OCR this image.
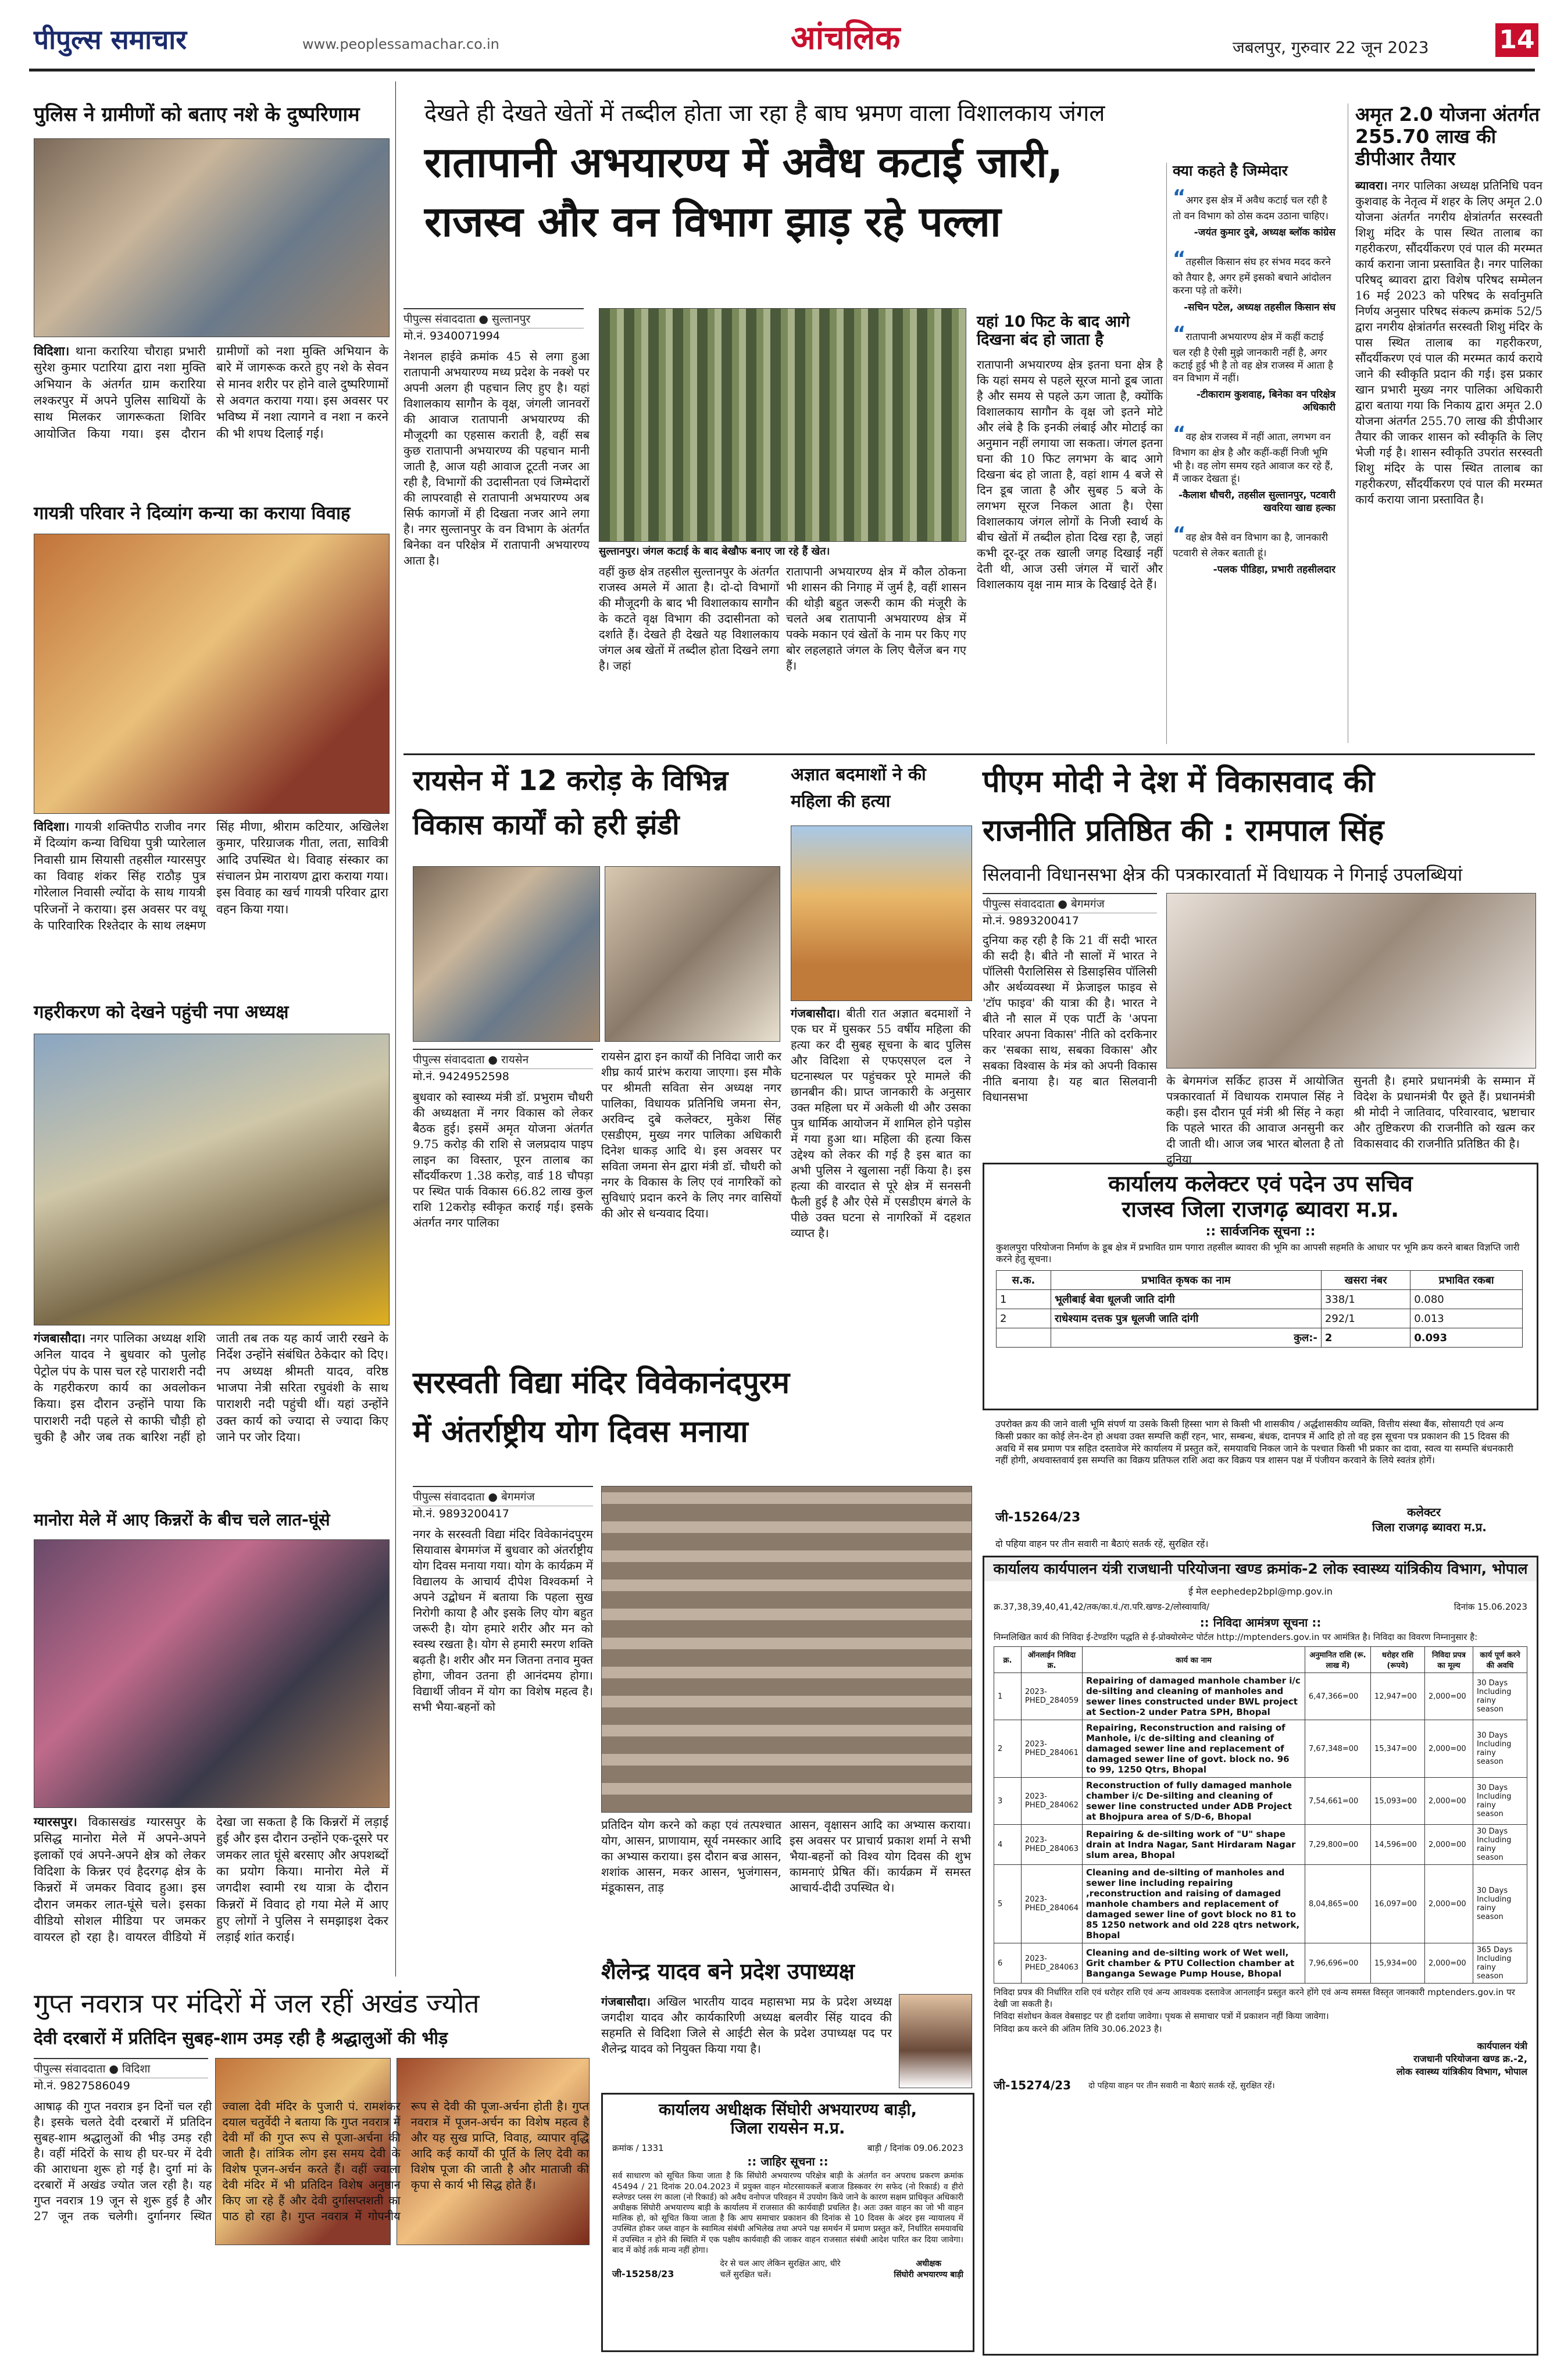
पीपुल्स समाचार	www.peoplessamachar.co.in	आंचलिक	जबलपुर, गुरुवार 22 जून 2023	14
पुलिस ने ग्रामीणों को बताए नशे के दुष्परिणाम
विदिशा। थाना करारिया चौराहा प्रभारी सुरेश कुमार पटारिया द्वारा नशा मुक्ति अभियान के अंतर्गत ग्राम करारिया लश्करपुर में अपने पुलिस साथियों के साथ मिलकर जागरूकता शिविर आयोजित किया गया। इस दौरान ग्रामीणों को नशा मुक्ति अभियान के बारे में जागरूक करते हुए नशे के सेवन से मानव शरीर पर होने वाले दुष्परिणामों से अवगत कराया गया। इस अवसर पर भविष्य में नशा त्यागने व नशा न करने की भी शपथ दिलाई गई।
गायत्री परिवार ने दिव्यांग कन्या का कराया विवाह
विदिशा। गायत्री शक्तिपीठ राजीव नगर में दिव्यांग कन्या विधिया पुत्री प्यारेलाल निवासी ग्राम सियासी तहसील ग्यारसपुर का विवाह शंकर सिंह राठौड़ पुत्र गोरेलाल निवासी ल्योंदा के साथ गायत्री परिजनों ने कराया। इस अवसर पर वधू के पारिवारिक रिश्तेदार के साथ लक्ष्मण सिंह मीणा, श्रीराम कटियार, अखिलेश कुमार, परिग्राजक गीता, लता, सावित्री आदि उपस्थित थे। विवाह संस्कार का संचालन प्रेम नारायण द्वारा कराया गया। इस विवाह का खर्च गायत्री परिवार द्वारा वहन किया गया।
गहरीकरण को देखने पहुंची नपा अध्यक्ष
गंजबासौदा। नगर पालिका अध्यक्ष शशि अनिल यादव ने बुधवार को पुलोह पेट्रोल पंप के पास चल रहे पाराशरी नदी के गहरीकरण कार्य का अवलोकन किया। इस दौरान उन्होंने पाया कि पाराशरी नदी पहले से काफी चौड़ी हो चुकी है और जब तक बारिश नहीं हो जाती तब तक यह कार्य जारी रखने के निर्देश उन्होंने संबंधित ठेकेदार को दिए। नप अध्यक्ष श्रीमती यादव, वरिष्ठ भाजपा नेत्री सरिता रघुवंशी के साथ पाराशरी नदी पहुंची थीं। यहां उन्होंने उक्त कार्य को ज्यादा से ज्यादा किए जाने पर जोर दिया।
मानोरा मेले में आए किन्नरों के बीच चले लात-घूंसे
ग्यारसपुर। विकासखंड ग्यारसपुर के प्रसिद्ध मानोरा मेले में अपने-अपने इलाकों एवं अपने-अपने क्षेत्र को लेकर विदिशा के किन्नर एवं हैदरगढ़ क्षेत्र के किन्नरों में जमकर विवाद हुआ। इस दौरान जमकर लात-घूंसे चले। इसका वीडियो सोशल मीडिया पर जमकर वायरल हो रहा है। वायरल वीडियो में देखा जा सकता है कि किन्नरों में लड़ाई हुई और इस दौरान उन्होंने एक-दूसरे पर जमकर लात घूंसे बरसाए और अपशब्दों का प्रयोग किया। मानोरा मेले में जगदीश स्वामी रथ यात्रा के दौरान किन्नरों में विवाद हो गया मेले में आए हुए लोगों ने पुलिस ने समझाइश देकर लड़ाई शांत कराई।
गुप्त नवरात्र पर मंदिरों में जल रहीं अखंड ज्योत
देवी दरबारों में प्रतिदिन सुबह-शाम उमड़ रही है श्रद्धालुओं की भीड़
पीपुल्स संवाददाता ● विदिशा
मो.नं. 9827586049
आषाढ़ की गुप्त नवरात्र इन दिनों चल रही है। इसके चलते देवी दरबारों में प्रतिदिन सुबह-शाम श्रद्धालुओं की भीड़ उमड़ रही है। वहीं मंदिरों के साथ ही घर-घर में देवी की आराधना शुरू हो गई है। दुर्गा मां के दरबारों में अखंड ज्योत जल रही है। यह गुप्त नवरात्र 19 जून से शुरू हुई है और 27 जून तक चलेगी। दुर्गानगर स्थित ज्वाला देवी मंदिर के पुजारी पं. रामशंकर दयाल चतुर्वेदी ने बताया कि गुप्त नवरात्र में देवी माँ की गुप्त रूप से पूजा-अर्चना की जाती है। तांत्रिक लोग इस समय देवी के विशेष पूजन-अर्चन करते हैं। वहीं ज्वाला देवी मंदिर में भी प्रतिदिन विशेष अनुष्ठान किए जा रहे हैं और देवी दुर्गासप्तशती का पाठ हो रहा है। गुप्त नवरात्र में गोपनीय रूप से देवी की पूजा-अर्चना होती है। गुप्त नवरात्र में पूजन-अर्चन का विशेष महत्व है और यह सुख प्राप्ति, विवाह, व्यापार वृद्धि आदि कई कार्यों की पूर्ति के लिए देवी का विशेष पूजा की जाती है और माताजी की कृपा से कार्य भी सिद्ध होते हैं।
देखते ही देखते खेतों में तब्दील होता जा रहा है बाघ भ्रमण वाला विशालकाय जंगल
रातापानी अभयारण्य में अवैध कटाई जारी,
राजस्व और वन विभाग झाड़ रहे पल्ला
पीपुल्स संवाददाता ● सुल्तानपुर
मो.नं. 9340071994
सुल्तानपुर। जंगल कटाई के बाद बेखौफ बनाए जा रहे हैं खेत।
नेशनल हाईवे क्रमांक 45 से लगा हुआ रातापानी अभयारण्य मध्य प्रदेश के नक्शे पर अपनी अलग ही पहचान लिए हुए है। यहां विशालकाय सागौन के वृक्ष, जंगली जानवरों की आवाज रातापानी अभयारण्य की मौजूदगी का एहसास कराती है, वहीं सब कुछ रातापानी अभयारण्य की पहचान मानी जाती है, आज यही आवाज टूटती नजर आ रही है, विभागों की उदासीनता एवं जिम्मेदारों की लापरवाही से रातापानी अभयारण्य अब सिर्फ कागजों में ही दिखता नजर आने लगा है। नगर सुल्तानपुर के वन विभाग के अंतर्गत बिनेका वन परिक्षेत्र में रातापानी अभयारण्य आता है।
वहीं कुछ क्षेत्र तहसील सुल्तानपुर के अंतर्गत राजस्व अमले में आता है। दो-दो विभागों की मौजूदगी के बाद भी विशालकाय सागौन के कटते वृक्ष विभाग की उदासीनता को दर्शाते हैं। देखते ही देखते यह विशालकाय जंगल अब खेतों में तब्दील होता दिखने लगा है। जहां
रातापानी अभयारण्य क्षेत्र में कौल ठोकना भी शासन की निगाह में जुर्म है, वहीं शासन की थोड़ी बहुत जरूरी काम की मंजूरी के चलते अब रातापानी अभयारण्य क्षेत्र में पक्के मकान एवं खेतों के नाम पर किए गए बोर लहलहाते जंगल के लिए चैलेंज बन गए हैं।
यहां 10 फिट के बाद आगे दिखना बंद हो जाता है
रातापानी अभयारण्य क्षेत्र इतना घना क्षेत्र है कि यहां समय से पहले सूरज मानो डूब जाता है और समय से पहले ऊग जाता है, क्योंकि विशालकाय सागौन के वृक्ष जो इतने मोटे और लंबे है कि इनकी लंबाई और मोटाई का अनुमान नहीं लगाया जा सकता। जंगल इतना घना की 10 फिट लगभग के बाद आगे दिखना बंद हो जाता है, वहां शाम 4 बजे से दिन डूब जाता है और सुबह 5 बजे के लगभग सूरज निकल आता है। ऐसा विशालकाय जंगल लोगों के निजी स्वार्थ के बीच खेतों में तब्दील होता दिख रहा है, जहां कभी दूर-दूर तक खाली जगह दिखाई नहीं देती थी, आज उसी जंगल में चारों और विशालकाय वृक्ष नाम मात्र के दिखाई देते हैं।
क्या कहते है जिम्मेदार
“अगर इस क्षेत्र में अवैध कटाई चल रही है तो वन विभाग को ठोस कदम उठाना चाहिए।
-जयंत कुमार दुबे, अध्यक्ष ब्लॉक कांग्रेस
“तहसील किसान संघ हर संभव मदद करने को तैयार है, अगर हमें इसको बचाने आंदोलन करना पड़े तो करेंगे।
-सचिन पटेल, अध्यक्ष तहसील किसान संघ
“रातापानी अभयारण्य क्षेत्र में कहीं कटाई चल रही है ऐसी मुझे जानकारी नहीं है, अगर कटाई हुई भी है तो वह क्षेत्र राजस्व में आता है वन विभाग में नहीं।
-टीकाराम कुशवाह, बिनेका वन परिक्षेत्र अधिकारी
“वह क्षेत्र राजस्व में नहीं आता, लगभग वन विभाग का क्षेत्र है और कहीं-कहीं निजी भूमि भी है। वह लोग समय रहते आवाज कर रहे हैं, मैं जाकर देखता हूं।
-कैलाश धौचरी, तहसील सुल्तानपुर, पटवारी खवरिया खाद्य हल्का
“वह क्षेत्र वैसे वन विभाग का है, जानकारी पटवारी से लेकर बताती हूं।
-पलक पीडिहा, प्रभारी तहसीलदार
अमृत 2.0 योजना अंतर्गत 255.70 लाख की डीपीआर तैयार
ब्यावरा। नगर पालिका अध्यक्ष प्रतिनिधि पवन कुशवाह के नेतृत्व में शहर के लिए अमृत 2.0 योजना अंतर्गत नगरीय क्षेत्रांतर्गत सरस्वती शिशु मंदिर के पास स्थित तालाब का गहरीकरण, सौंदर्यीकरण एवं पाल की मरम्मत कार्य कराना जाना प्रस्तावित है। नगर पालिका परिषद् ब्यावरा द्वारा विशेष परिषद सम्मेलन 16 मई 2023 को परिषद के सर्वानुमति निर्णय अनुसार परिषद संकल्प क्रमांक 52/5 द्वारा नगरीय क्षेत्रांतर्गत सरस्वती शिशु मंदिर के पास स्थित तालाब का गहरीकरण, सौंदर्यीकरण एवं पाल की मरम्मत कार्य कराये जाने की स्वीकृति प्रदान की गई। इस प्रकार खान प्रभारी मुख्य नगर पालिका अधिकारी द्वारा बताया गया कि निकाय द्वारा अमृत 2.0 योजना अंतर्गत 255.70 लाख की डीपीआर तैयार की जाकर शासन को स्वीकृति के लिए भेजी गई है। शासन स्वीकृति उपरांत सरस्वती शिशु मंदिर के पास स्थित तालाब का गहरीकरण, सौंदर्यीकरण एवं पाल की मरम्मत कार्य कराया जाना प्रस्तावित है।
रायसेन में 12 करोड़ के विभिन्न
विकास कार्यों को हरी झंडी
पीपुल्स संवाददाता ● रायसेन
मो.नं. 9424952598
बुधवार को स्वास्थ्य मंत्री डॉ. प्रभुराम चौधरी की अध्यक्षता में नगर विकास को लेकर बैठक हुई। इसमें अमृत योजना अंतर्गत 9.75 करोड़ की राशि से जलप्रदाय पाइप लाइन का विस्तार, पूरन तालाब का सौंदर्यीकरण 1.38 करोड़, वार्ड 18 चौपड़ा पर स्थित पार्क विकास 66.82 लाख कुल राशि 12करोड़ स्वीकृत कराई गई। इसके अंतर्गत नगर पालिका
रायसेन द्वारा इन कार्यों की निविदा जारी कर शीघ्र कार्य प्रारंभ कराया जाएगा। इस मौके पर श्रीमती सविता सेन अध्यक्ष नगर पालिका, विधायक प्रतिनिधि जमना सेन, अरविन्द दुबे कलेक्टर, मुकेश सिंह एसडीएम, मुख्य नगर पालिका अधिकारी दिनेश धाकड़ आदि थे। इस अवसर पर सविता जमना सेन द्वारा मंत्री डॉ. चौधरी को नगर के विकास के लिए एवं नागरिकों को सुविधाएं प्रदान करने के लिए नगर वासियों की ओर से धन्यवाद दिया।
अज्ञात बदमाशों ने की
महिला की हत्या
गंजबासौदा। बीती रात अज्ञात बदमाशों ने एक घर में घुसकर 55 वर्षीय महिला की हत्या कर दी सुबह सूचना के बाद पुलिस और विदिशा से एफएसएल दल ने घटनास्थल पर पहुंचकर पूरे मामले की छानबीन की। प्राप्त जानकारी के अनुसार उक्त महिला घर में अकेली थी और उसका पुत्र धार्मिक आयोजन में शामिल होने पड़ोस में गया हुआ था। महिला की हत्या किस उद्देश्य को लेकर की गई है इस बात का अभी पुलिस ने खुलासा नहीं किया है। इस हत्या की वारदात से पूरे क्षेत्र में सनसनी फैली हुई है और ऐसे में एसडीएम बंगले के पीछे उक्त घटना से नागरिकों में दहशत व्याप्त है।
पीएम मोदी ने देश में विकासवाद की
राजनीति प्रतिष्ठित की : रामपाल सिंह
सिलवानी विधानसभा क्षेत्र की पत्रकारवार्ता में विधायक ने गिनाई उपलब्धियां
पीपुल्स संवाददाता ● बेगमगंज
मो.नं. 9893200417
दुनिया कह रही है कि 21 वीं सदी भारत की सदी है। बीते नौ सालों में भारत ने पॉलिसी पैरालिसिस से डिसाइसिव पॉलिसी और अर्थव्यवस्था में फ्रेजाइल फाइव से 'टॉप फाइव' की यात्रा की है। भारत ने बीते नौ साल में एक पार्टी के 'अपना परिवार अपना विकास' नीति को दरकिनार कर 'सबका साथ, सबका विकास' और सबका विश्वास के मंत्र को अपनी विकास नीति बनाया है। यह बात सिलवानी विधानसभा
के बेगमगंज सर्किट हाउस में आयोजित पत्रकारवार्ता में विधायक रामपाल सिंह ने कही। इस दौरान पूर्व मंत्री श्री सिंह ने कहा कि पहले भारत की आवाज अनसुनी कर दी जाती थी। आज जब भारत बोलता है तो दुनिया
सुनती है। हमारे प्रधानमंत्री के सम्मान में विदेश के प्रधानमंत्री पैर छूते हैं। प्रधानमंत्री श्री मोदी ने जातिवाद, परिवारवाद, भ्रष्टाचार और तुष्टिकरण की राजनीति को खत्म कर विकासवाद की राजनीति प्रतिष्ठित की है।
कार्यालय कलेक्टर एवं पदेन उप सचिव
राजस्व जिला राजगढ़ ब्यावरा म.प्र.
:: सार्वजनिक सूचना ::
कुशलपुरा परियोजना निर्माण के डूब क्षेत्र में प्रभावित ग्राम पगारा तहसील ब्यावरा की भूमि का आपसी सहमति के आधार पर भूमि क्रय करने बाबत विज्ञप्ति जारी करने हेतु सूचना।
स.क.	प्रभावित कृषक का नाम	खसरा नंबर	प्रभावित रकबा
1	भूलीबाई बेवा धूलजी जाति दांगी	338/1	0.080
2	राधेश्याम दत्तक पुत्र धूलजी जाति दांगी	292/1	0.013
	कुल:-	2	0.093
उपरोक्त क्रय की जाने वाली भूमि संपर्ण या उसके किसी हिस्सा भाग से किसी भी शासकीय / अर्द्धशासकीय व्यक्ति, वित्तीय संस्था बैंक, सोसायटी एवं अन्य किसी प्रकार का कोई लेन-देन हो अथवा उक्त सम्पत्ति कहीं रहन, भार, सम्बन्ध, बंधक, दानपत्र में आदि हो तो वह इस सूचना पत्र प्रकाशन की 15 दिवस की अवधि में सब प्रमाण पत्र सहित दस्तावेज मेरे कार्यालय में प्रस्तुत करें, समयावधि निकल जाने के पश्चात किसी भी प्रकार का दावा, स्वत्व या सम्पत्ति बंधनकारी नहीं होगी, अथवास्तवार्य इस सम्पत्ति का विक्रय प्रतिफल राशि अदा कर विक्रय पत्र शासन पक्ष में पंजीयन करवाने के लिये स्वतंत्र होगें।
जी-15264/23	कलेक्टर
जिला राजगढ़ ब्यावरा म.प्र.
दो पहिया वाहन पर तीन सवारी ना बैठाएं सतर्क रहें, सुरक्षित रहें।
सरस्वती विद्या मंदिर विवेकानंदपुरम
में अंतर्राष्ट्रीय योग दिवस मनाया
पीपुल्स संवाददाता ● बेगमगंज
मो.नं. 9893200417
नगर के सरस्वती विद्या मंदिर विवेकानंदपुरम सियावास बेगमगंज में बुधवार को अंतर्राष्ट्रीय योग दिवस मनाया गया। योग के कार्यक्रम में विद्यालय के आचार्य दीपेश विश्वकर्मा ने अपने उद्बोधन में बताया कि पहला सुख निरोगी काया है और इसके लिए योग बहुत जरूरी है। योग हमारे शरीर और मन को स्वस्थ रखता है। योग से हमारी स्मरण शक्ति बढ़ती है। शरीर और मन जितना तनाव मुक्त होगा, जीवन उतना ही आनंदमय होगा। विद्यार्थी जीवन में योग का विशेष महत्व है। सभी भैया-बहनों को
प्रतिदिन योग करने को कहा एवं तत्पश्चात योग, आसन, प्राणायाम, सूर्य नमस्कार आदि का अभ्यास कराया। इस दौरान बज्र आसन, शशांक आसन, मकर आसन, भुजंगासन, मंडूकासन, ताड़
आसन, वृक्षासन आदि का अभ्यास कराया। इस अवसर पर प्राचार्य प्रकाश शर्मा ने सभी भैया-बहनों को विश्व योग दिवस की शुभ कामनाएं प्रेषित कीं। कार्यक्रम में समस्त आचार्य-दीदी उपस्थित थे।
शैलेन्द्र यादव बने प्रदेश उपाध्यक्ष
गंजबासौदा। अखिल भारतीय यादव महासभा मप्र के प्रदेश अध्यक्ष जगदीश यादव और कार्यकारिणी अध्यक्ष बलवीर सिंह यादव की सहमति से विदिशा जिले से आईटी सेल के प्रदेश उपाध्यक्ष पद पर शैलेन्द्र यादव को नियुक्त किया गया है।
कार्यालय अधीक्षक सिंघोरी अभयारण्य बाड़ी,
जिला रायसेन म.प्र.
क्रमांक / 1331	बाड़ी / दिनांक 09.06.2023
:: जाहिर सूचना ::
सर्व साधारण को सूचित किया जाता है कि सिंघोरी अभयारण्य परिक्षेत्र बाड़ी के अंतर्गत वन अपराध प्रकरण क्रमांक 45494 / 21 दिनांक 20.04.2023 में प्रयुक्त वाहन मोटरसायकलें बजाज डिस्कवर रंग सफेद (नो रिकार्ड) व हीरो स्प्लेण्डर प्लस रंग काला (नो रिकार्ड) को अवैध वनोपज परिवहन में उपयोग किये जाने के कारण सक्षम प्राधिकृत अधिकारी अधीक्षक सिंघोरी अभयारण्य बाड़ी के कार्यालय में राजसात की कार्यवाही प्रचलित है। अतः उक्त वाहन का जो भी वाहन मालिक हो, को सूचित किया जाता है कि आप समाचार प्रकाशन की दिनांक से 10 दिवस के अंदर इस न्यायालय में उपस्थित होकर जब्त वाहन के स्वामित्व संबंधी अभिलेख तथा अपने पक्ष समर्थन में प्रमाण प्रस्तुत करें, निर्धारित समयावधि में उपस्थित न होने की स्थिति में एक पक्षीय कार्यवाही की जाकर वाहन राजसात संबंधी आदेश पारित कर दिया जावेगा। बाद में कोई तर्क मान्य नहीं होगा।
जी-15258/23
देर से चल आए लेकिन सुरक्षित आए, धीरे चलें सुरक्षित चलें।
अधीक्षक
सिंघोरी अभयारण्य बाड़ी
कार्यालय कार्यपालन यंत्री राजधानी परियोजना खण्ड क्रमांक-2 लोक स्वास्थ्य यांत्रिकीय विभाग, भोपाल
ई मेल eephedep2bpl@mp.gov.in
क्र.37,38,39,40,41,42/तक/का.यं./रा.परि.खण्ड-2/लोस्वायावि/	दिनांक 15.06.2023
:: निविदा आमंत्रण सूचना ::
निम्नलिखित कार्य की निविदा ई-टेण्डरिंग पद्धति से ई-प्रोक्योरमेन्ट पोर्टल http://mptenders.gov.in पर आमंत्रित है। निविदा का विवरण निम्नानुसार है:
क्र.	ऑनलाईन निविदा क्र.	कार्य का नाम	अनुमानित राशि (रू. लाख में)	धरोहर राशि (रूपये)	निविदा प्रपत्र का मूल्य	कार्य पूर्ण करने की अवधि
1	2023-PHED_284059	Repairing of damaged manhole chamber i/c de-silting and cleaning of manholes and sewer lines constructed under BWL project at Section-2 under Patra SPH, Bhopal	6,47,366=00	12,947=00	2,000=00	30 Days Including rainy season
2	2023-PHED_284061	Repairing, Reconstruction and raising of Manhole, i/c de-silting and cleaning of damaged sewer line and replacement of damaged sewer line of govt. block no. 96 to 99, 1250 Qtrs, Bhopal	7,67,348=00	15,347=00	2,000=00	30 Days Including rainy season
3	2023-PHED_284062	Reconstruction of fully damaged manhole chamber i/c De-silting and cleaning of sewer line constructed under ADB Project at Bhojpura area of S/D-6, Bhopal	7,54,661=00	15,093=00	2,000=00	30 Days Including rainy season
4	2023-PHED_284063	Repairing & de-silting work of "U" shape drain at Indra Nagar, Sant Hirdaram Nagar slum area, Bhopal	7,29,800=00	14,596=00	2,000=00	30 Days Including rainy season
5	2023-PHED_284064	Cleaning and de-silting of manholes and sewer line including repairing ,reconstruction and raising of damaged manhole chambers and replacement of damaged sewer line of govt block no 81 to 85 1250 network and old 228 qtrs network, Bhopal	8,04,865=00	16,097=00	2,000=00	30 Days Including rainy season
6	2023-PHED_284063	Cleaning and de-silting work of Wet well, Grit chamber & PTU Collection chamber at Banganga Sewage Pump House, Bhopal	7,96,696=00	15,934=00	2,000=00	365 Days Including rainy season
निविदा प्रपत्र की निर्धारित राशि एवं धरोहर राशि एवं अन्य आवश्यक दस्तावेज आनलाईन प्रस्तुत करने होंगे एवं अन्य समस्त विस्तृत जानकारी mptenders.gov.in पर देखी जा सकती है।
निविदा संशोधन केवल वेबसाइट पर ही दर्शाया जावेगा। पृथक से समाचार पत्रों में प्रकाशन नहीं किया जावेगा।
निविदा क्रय करने की अंतिम तिथि 30.06.2023 है।
कार्यपालन यंत्री
राजधानी परियोजना खण्ड क्र.-2,
लोक स्वास्थ्य यांत्रिकीय विभाग, भोपाल
जी-15274/23 दो पहिया वाहन पर तीन सवारी ना बैठाएं सतर्क रहें, सुरक्षित रहें।
